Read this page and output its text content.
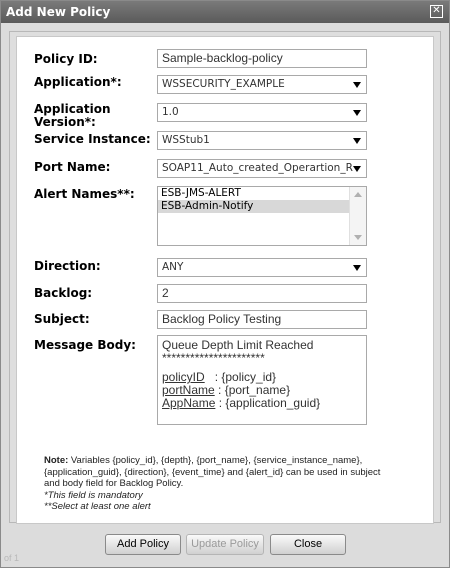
Add New Policy	✕
Policy ID:	Sample-backlog-policy
Application*:	WSSECURITY_EXAMPLE
Application
Version*:
1.0
Service Instance:	WSStub1
Port Name:	SOAP11_Auto_created_Operartion_R
Alert Names**:	ESB-JMS-ALERT
ESB-Admin-Notify
Direction:	ANY
Backlog:	2
Subject:	Backlog Policy Testing
Message Body: Queue Depth Limit Reached
**********************
policyID   : {policy_id}
portName : {port_name}
AppName : {application_guid}

Note: Variables {policy_id}, {depth}, {port_name}, {service_instance_name},

{application_guid}, {direction}, {event_time} and {alert_id} can be used in subject

and body field for Backlog Policy.

*This field is mandatory

**Select at least one alert

Add Policy	Update Policy	Close
of 1
